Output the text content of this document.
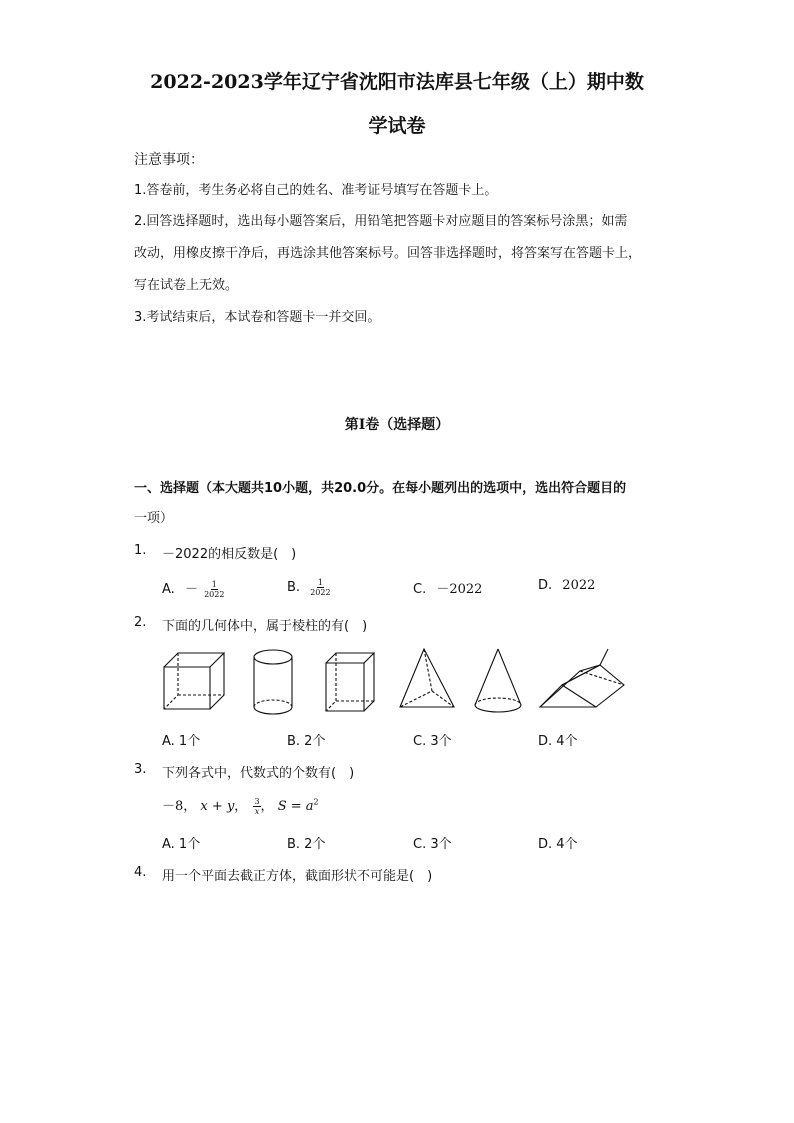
2022-2023学年辽宁省沈阳市法库县七年级（上）期中数
学试卷
注意事项：
1.答卷前，考生务必将自己的姓名、准考证号填写在答题卡上。
2.回答选择题时，选出每小题答案后，用铅笔把答题卡对应题目的答案标号涂黑；如需
改动，用橡皮擦干净后，再选涂其他答案标号。回答非选择题时，将答案写在答题卡上，
写在试卷上无效。
3.考试结束后，本试卷和答题卡一并交回。
第Ⅰ卷（选择题）
一、选择题（本大题共10小题，共20.0分。在每小题列出的选项中，选出符合题目的
一项）
1. －2022的相反数是(　)
A. － $\frac{1}{2022}$	B. $\frac{1}{2022}$	C. －2022	D. 2022
2. 下面的几何体中，属于棱柱的有(　)
A. 1个	B. 2个	C. 3个	D. 4个
3. 下列各式中，代数式的个数有(　)
－8， x + y， $\frac{3}{x}$ ， $S = a^2$
A. 1个	B. 2个	C. 3个	D. 4个
4. 用一个平面去截正方体，截面形状不可能是(　)
